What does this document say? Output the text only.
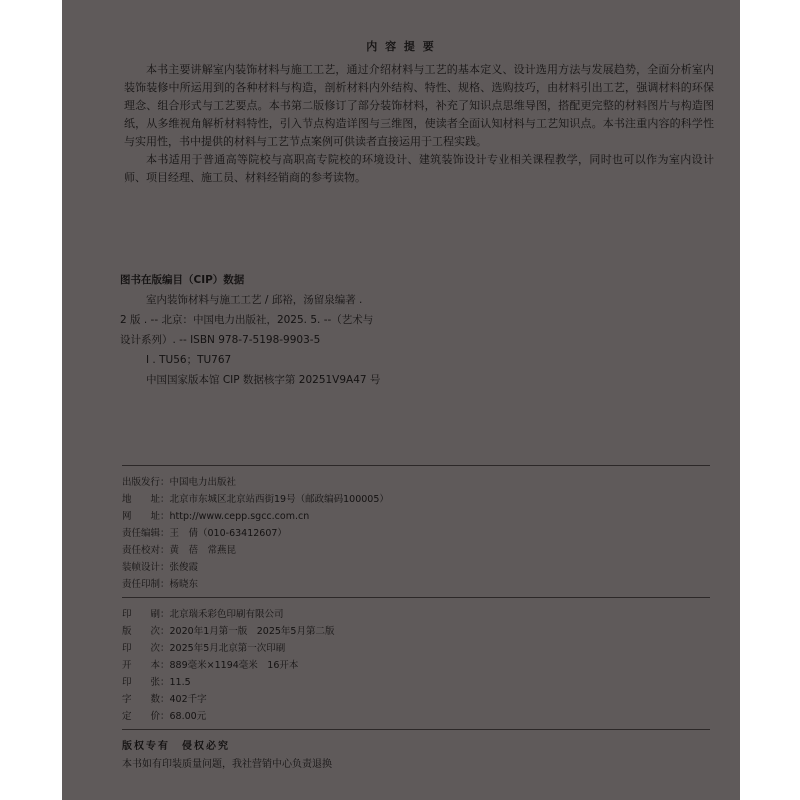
内 容 提 要

本书主要讲解室内装饰材料与施工工艺，通过介绍材料与工艺的基本定义、设计选用方法与发展趋势，全面分析室内装饰装修中所运用到的各种材料与构造，剖析材料内外结构、特性、规格、选购技巧，由材料引出工艺，强调材料的环保理念、组合形式与工艺要点。本书第二版修订了部分装饰材料，补充了知识点思维导图，搭配更完整的材料图片与构造图纸，从多维视角解析材料特性，引入节点构造详图与三维图，使读者全面认知材料与工艺知识点。本书注重内容的科学性与实用性，书中提供的材料与工艺节点案例可供读者直接运用于工程实践。

本书适用于普通高等院校与高职高专院校的环境设计、建筑装饰设计专业相关课程教学，同时也可以作为室内设计师、项目经理、施工员、材料经销商的参考读物。

图书在版编目（CIP）数据
室内装饰材料与施工工艺 / 邱裕，汤留泉编著 .
2 版 . -- 北京：中国电力出版社，2025. 5. --（艺术与
设计系列）. -- ISBN 978-7-5198-9903-5
Ⅰ . TU56；TU767
中国国家版本馆 CIP 数据核字第 20251V9A47 号
出版发行 ：中国电力出版社
地　　址 ：北京市东城区北京站西街19号（邮政编码100005）
网　　址 ：http://www.cepp.sgcc.com.cn
责任编辑 ：王　倩（010-63412607）
责任校对 ：黄　蓓　常燕昆
装帧设计 ：张俊霞
责任印制 ：杨晓东
印　　刷 ：北京瑞禾彩色印刷有限公司
版　　次 ：2020年1月第一版　2025年5月第二版
印　　次 ：2025年5月北京第一次印刷
开　　本 ：889毫米×1194毫米　16开本
印　　张 ：11.5
字　　数 ：402千字
定　　价 ：68.00元
版权专有　侵权必究
本书如有印装质量问题，我社营销中心负责退换
